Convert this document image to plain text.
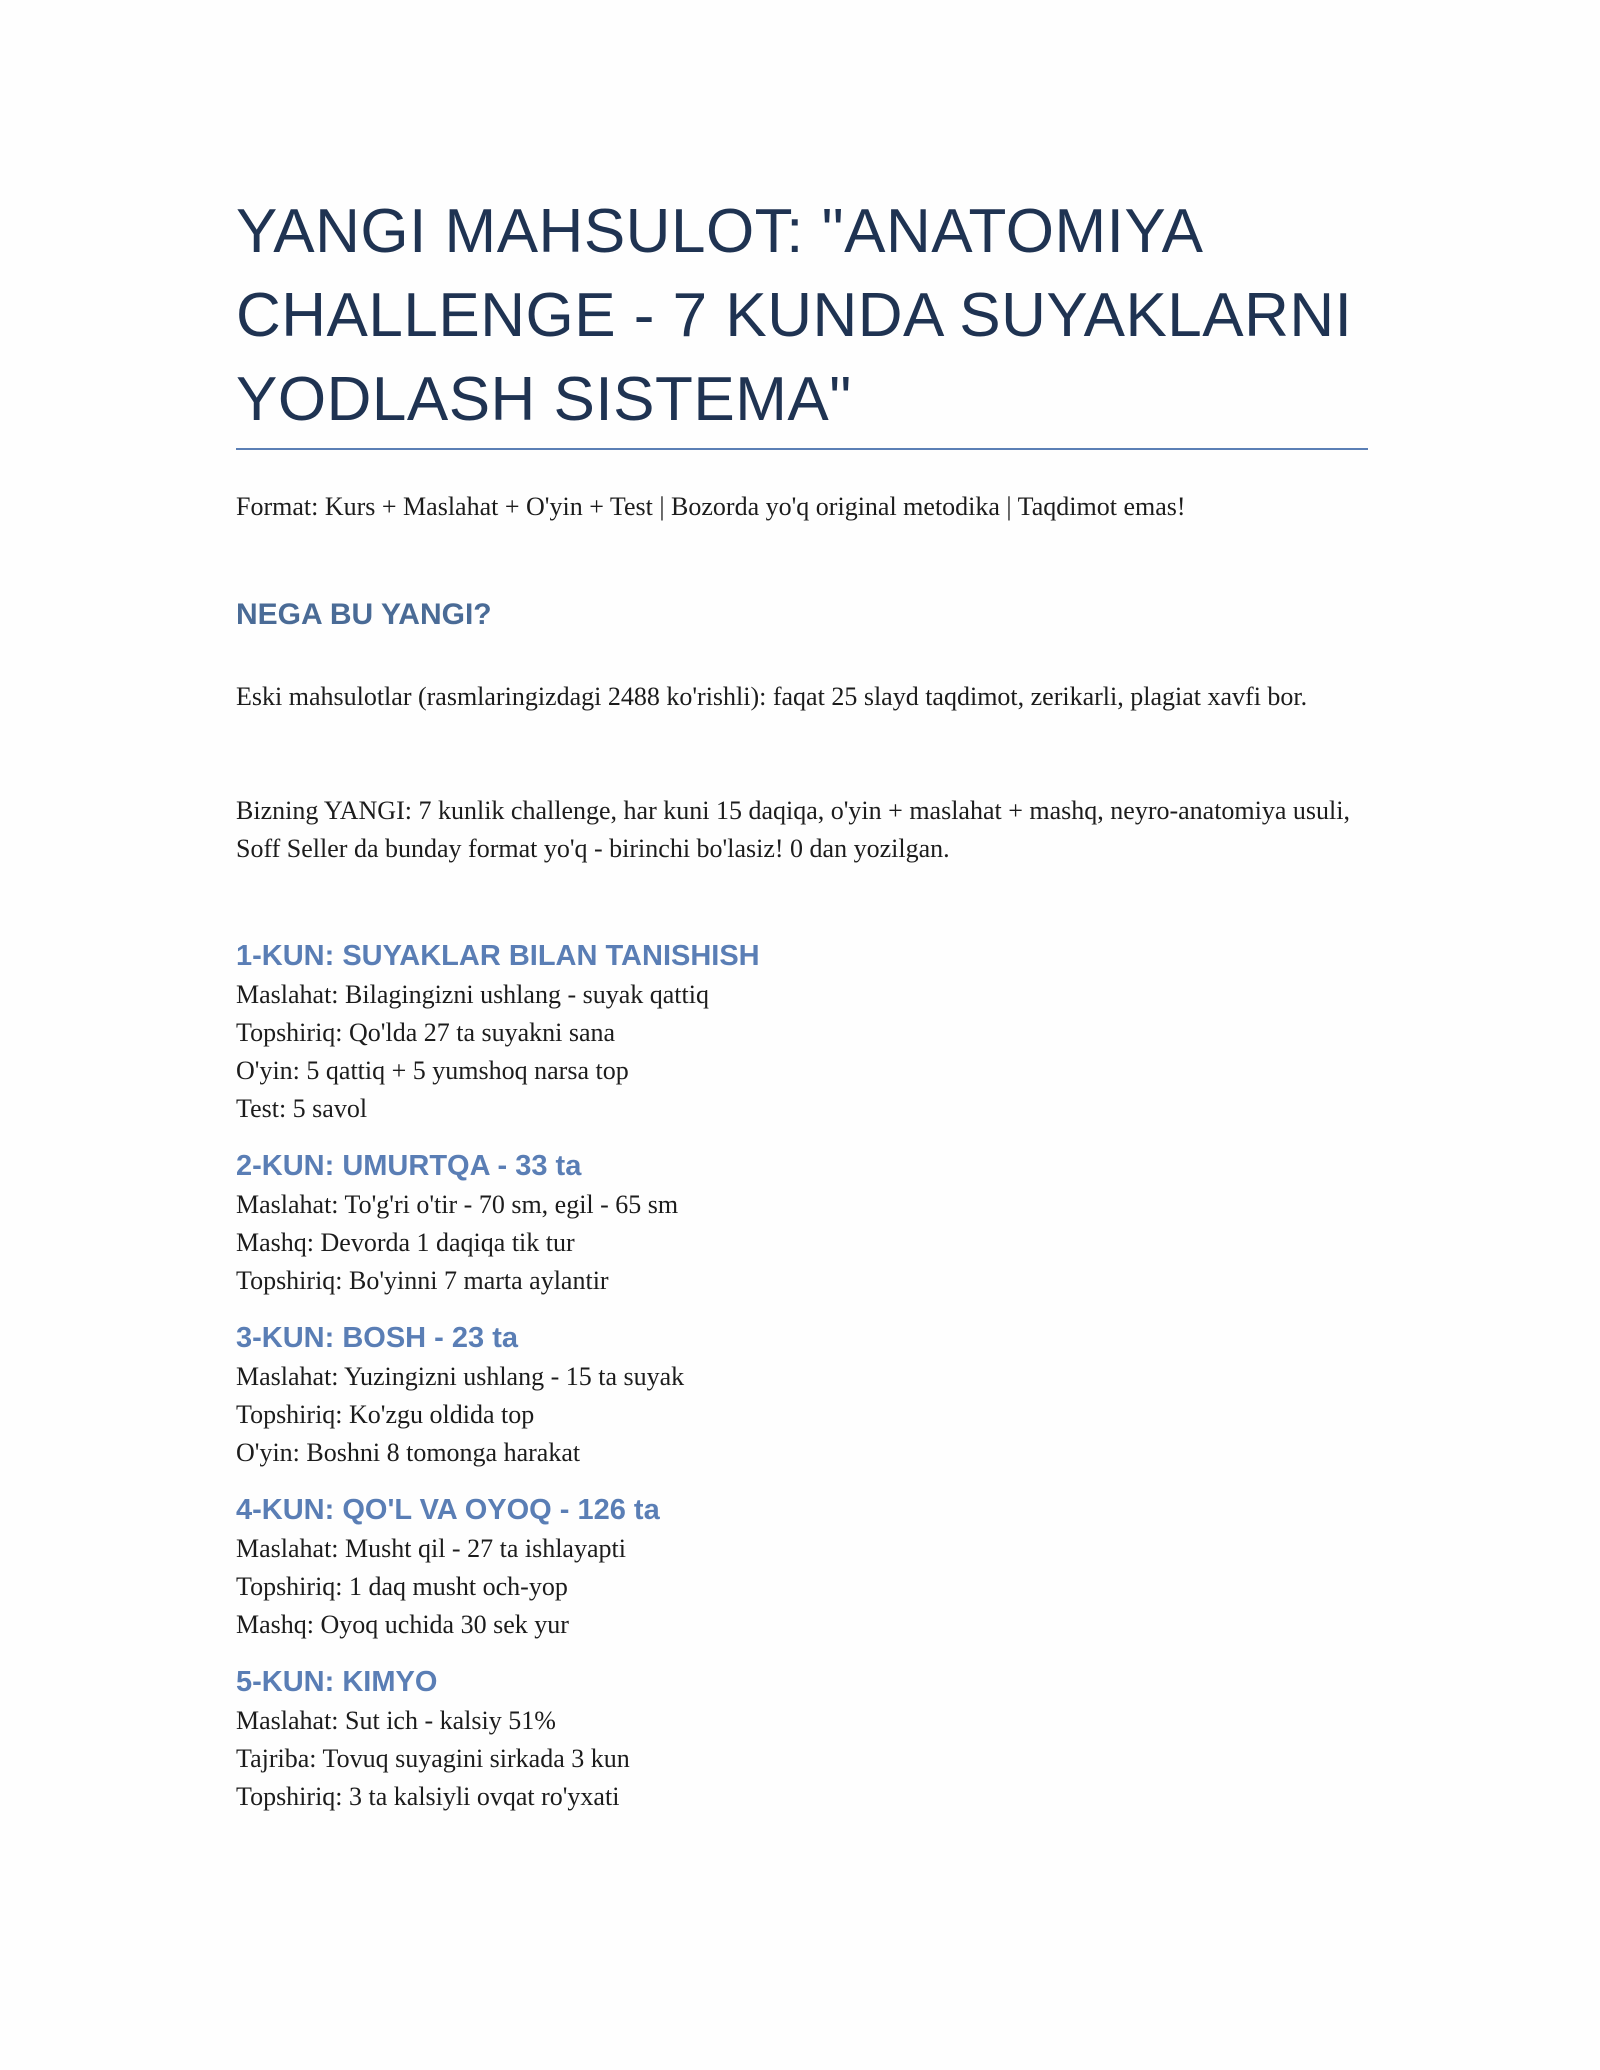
YANGI MAHSULOT: "ANATOMIYA CHALLENGE - 7 KUNDA SUYAKLARNI YODLASH SISTEMA"
Format: Kurs + Maslahat + O'yin + Test | Bozorda yo'q original metodika | Taqdimot emas!
NEGA BU YANGI?

Eski mahsulotlar (rasmlaringizdagi 2488 ko'rishli): faqat 25 slayd taqdimot, zerikarli, plagiat xavfi bor.

Bizning YANGI: 7 kunlik challenge, har kuni 15 daqiqa, o'yin + maslahat + mashq, neyro-anatomiya usuli, Soff Seller da bunday format yo'q - birinchi bo'lasiz! 0 dan yozilgan.

1-KUN: SUYAKLAR BILAN TANISHISH

Maslahat: Bilagingizni ushlang - suyak qattiq

Topshiriq: Qo'lda 27 ta suyakni sana

O'yin: 5 qattiq + 5 yumshoq narsa top

Test: 5 savol

2-KUN: UMURTQA - 33 ta

Maslahat: To'g'ri o'tir - 70 sm, egil - 65 sm

Mashq: Devorda 1 daqiqa tik tur

Topshiriq: Bo'yinni 7 marta aylantir

3-KUN: BOSH - 23 ta

Maslahat: Yuzingizni ushlang - 15 ta suyak

Topshiriq: Ko'zgu oldida top

O'yin: Boshni 8 tomonga harakat

4-KUN: QO'L VA OYOQ - 126 ta

Maslahat: Musht qil - 27 ta ishlayapti

Topshiriq: 1 daq musht och-yop

Mashq: Oyoq uchida 30 sek yur

5-KUN: KIMYO

Maslahat: Sut ich - kalsiy 51%

Tajriba: Tovuq suyagini sirkada 3 kun

Topshiriq: 3 ta kalsiyli ovqat ro'yxati
